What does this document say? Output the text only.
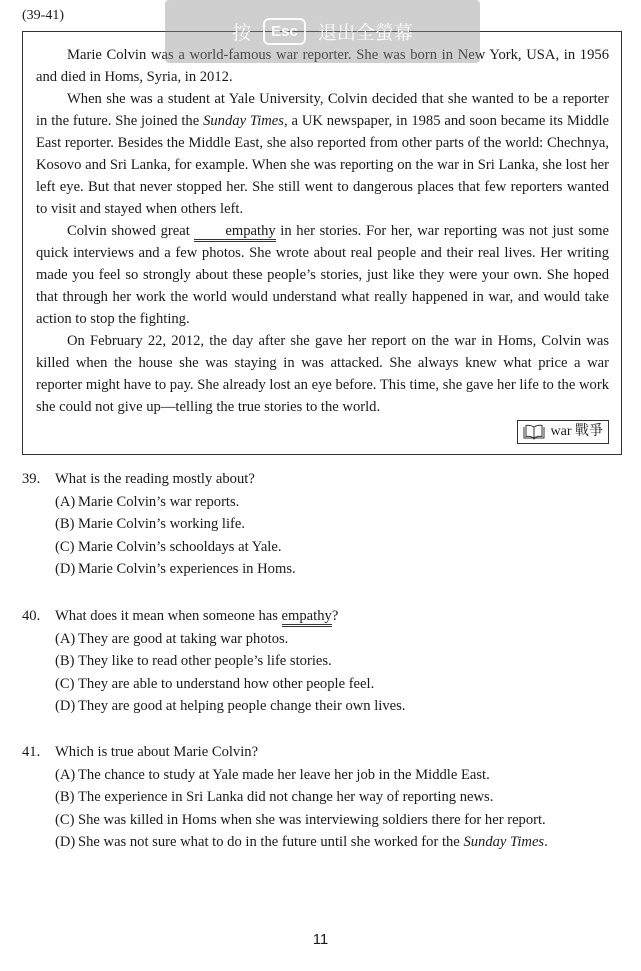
(39-41)

Marie Colvin was a world-famous war reporter. She was born in New York, USA, in 1956 and died in Homs, Syria, in 2012.

When she was a student at Yale University, Colvin decided that she wanted to be a reporter in the future. She joined the Sunday Times, a UK newspaper, in 1985 and soon became its Middle East reporter. Besides the Middle East, she also reported from other parts of the world: Chechnya, Kosovo and Sri Lanka, for example. When she was reporting on the war in Sri Lanka, she lost her left eye. But that never stopped her. She still went to dangerous places that few reporters wanted to visit and stayed when others left.

Colvin showed great empathy in her stories. For her, war reporting was not just some quick interviews and a few photos. She wrote about real people and their real lives. Her writing made you feel so strongly about these people’s stories, just like they were your own. She hoped that through her work the world would understand what really happened in war, and would take action to stop the fighting.

On February 22, 2012, the day after she gave her report on the war in Homs, Colvin was killed when the house she was staying in was attacked. She always knew what price a war reporter might have to pay. She already lost an eye before. This time, she gave her life to the work she could not give up—telling the true stories to the world.

war 戰爭
39.	What is the reading mostly about?
(A) Marie Colvin’s war reports.
(B) Marie Colvin’s working life.
(C) Marie Colvin’s schooldays at Yale.
(D) Marie Colvin’s experiences in Homs.
40.	What does it mean when someone has empathy?
(A) They are good at taking war photos.
(B) They like to read other people’s life stories.
(C) They are able to understand how other people feel.
(D) They are good at helping people change their own lives.
41.	Which is true about Marie Colvin?
(A) The chance to study at Yale made her leave her job in the Middle East.
(B) The experience in Sri Lanka did not change her way of reporting news.
(C) She was killed in Homs when she was interviewing soldiers there for her report.
(D) She was not sure what to do in the future until she worked for the Sunday Times.
11
按	Esc	退出全螢幕
